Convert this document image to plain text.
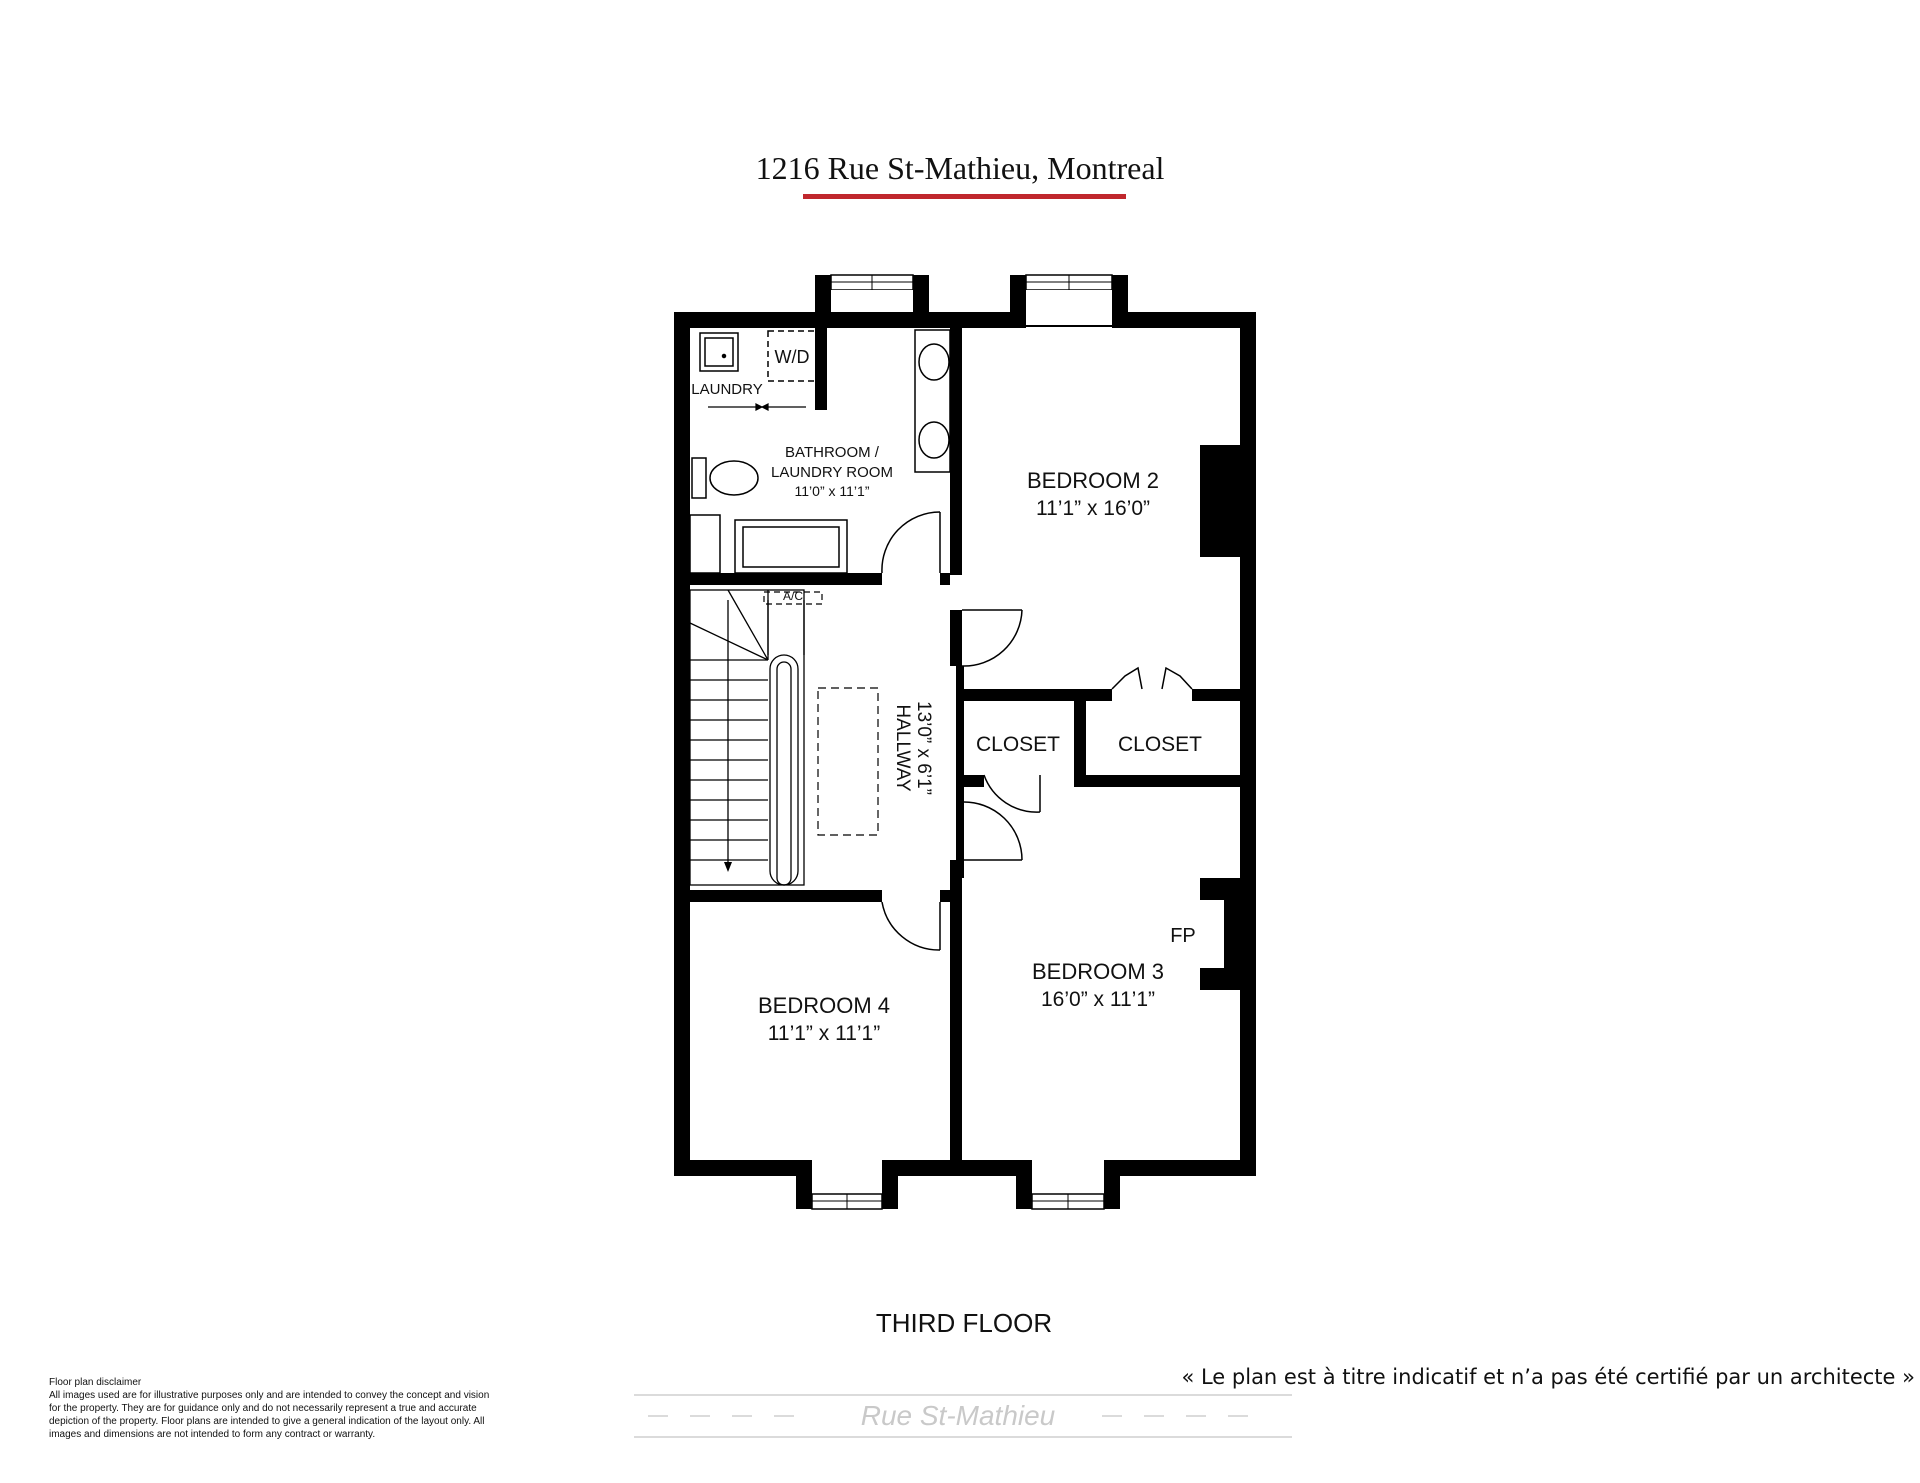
1216 Rue St-Mathieu, Montreal
LAUNDRY
W/D
BATHROOM /
LAUNDRY ROOM
11’0” x 11’1”
A/C
HALLWAY 13’0” x 6’1”
BEDROOM 2
11’1” x 16’0”
CLOSET	CLOSET
FP
BEDROOM 3
16’0” x 11’1”
BEDROOM 4
11’1” x 11’1”
THIRD FLOOR
Rue St-Mathieu
« Le plan est à titre indicatif et n’a pas été certifié par un architecte »
Floor plan disclaimer
All images used are for illustrative purposes only and are intended to convey the concept and vision
for the property. They are for guidance only and do not necessarily represent a true and accurate
depiction of the property. Floor plans are intended to give a general indication of the layout only. All
images and dimensions are not intended to form any contract or warranty.
